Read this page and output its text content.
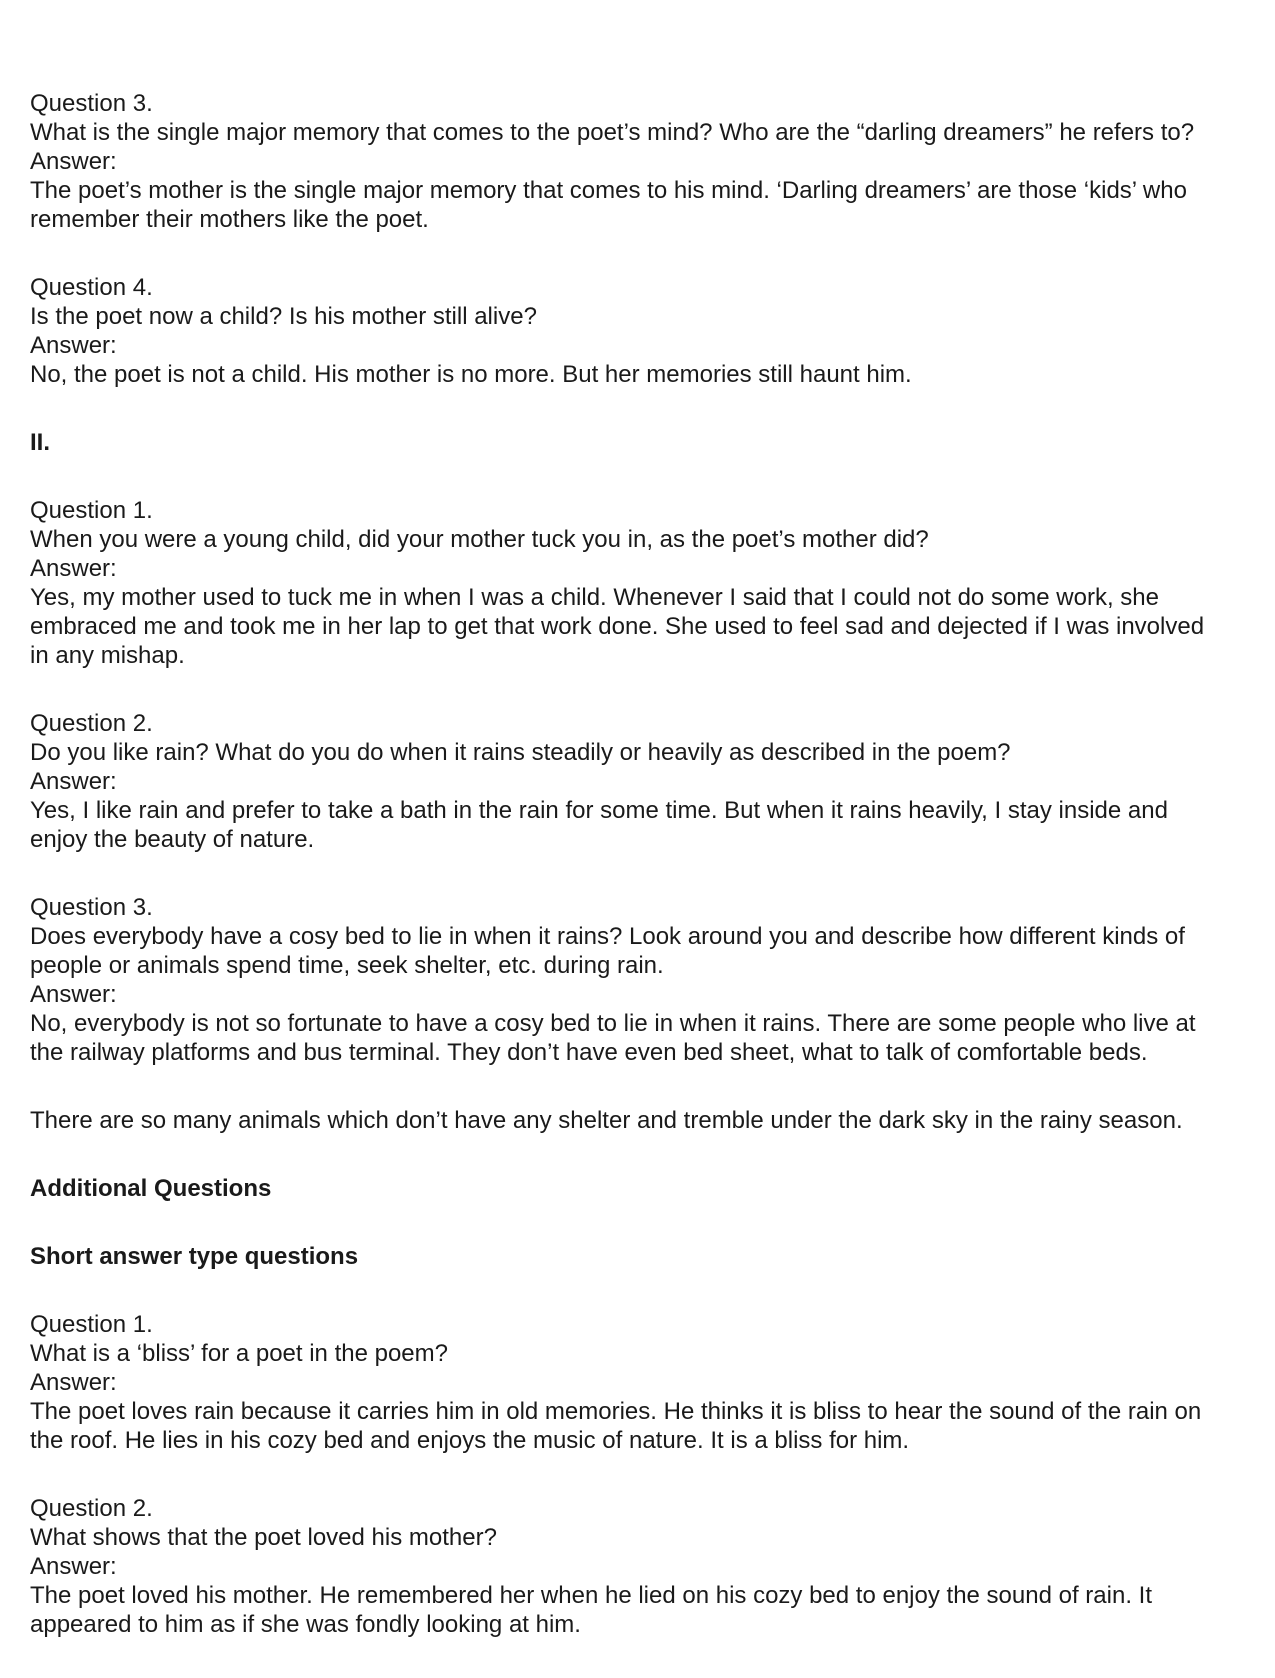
Question 3.
What is the single major memory that comes to the poet’s mind? Who are the “darling dreamers” he refers to?
Answer:
The poet’s mother is the single major memory that comes to his mind. ‘Darling dreamers’ are those ‘kids’ who
remember their mothers like the poet.
Question 4.
Is the poet now a child? Is his mother still alive?
Answer:
No, the poet is not a child. His mother is no more. But her memories still haunt him.
II.
Question 1.
When you were a young child, did your mother tuck you in, as the poet’s mother did?
Answer:
Yes, my mother used to tuck me in when I was a child. Whenever I said that I could not do some work, she
embraced me and took me in her lap to get that work done. She used to feel sad and dejected if I was involved
in any mishap.
Question 2.
Do you like rain? What do you do when it rains steadily or heavily as described in the poem?
Answer:
Yes, I like rain and prefer to take a bath in the rain for some time. But when it rains heavily, I stay inside and
enjoy the beauty of nature.
Question 3.
Does everybody have a cosy bed to lie in when it rains? Look around you and describe how different kinds of
people or animals spend time, seek shelter, etc. during rain.
Answer:
No, everybody is not so fortunate to have a cosy bed to lie in when it rains. There are some people who live at
the railway platforms and bus terminal. They don’t have even bed sheet, what to talk of comfortable beds.
There are so many animals which don’t have any shelter and tremble under the dark sky in the rainy season.
Additional Questions
Short answer type questions
Question 1.
What is a ‘bliss’ for a poet in the poem?
Answer:
The poet loves rain because it carries him in old memories. He thinks it is bliss to hear the sound of the rain on
the roof. He lies in his cozy bed and enjoys the music of nature. It is a bliss for him.
Question 2.
What shows that the poet loved his mother?
Answer:
The poet loved his mother. He remembered her when he lied on his cozy bed to enjoy the sound of rain. It
appeared to him as if she was fondly looking at him.
